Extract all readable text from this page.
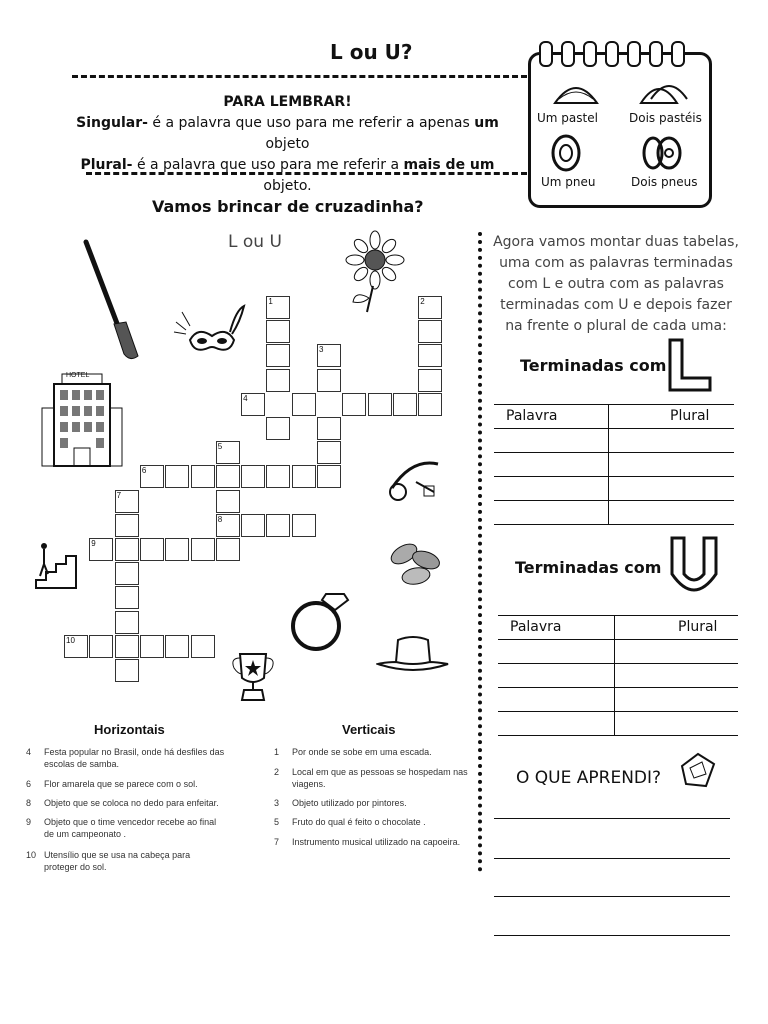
L ou U?
PARA LEMBRAR!
Singular- é a palavra que uso para me referir a apenas um objeto
Plural- é a palavra que uso para me referir a mais de um objeto.
Um pastel	Dois pastéis
Um pneu	Dois pneus
Vamos brincar de cruzadinha?
L ou U
HOTEL
1	2
3
4
5
6
7
8
9
10
Agora vamos montar duas tabelas, uma com as palavras terminadas com L e outra com as palavras terminadas com U e depois fazer na frente o plural de cada uma:
Terminadas com
Palavra	Plural
Terminadas com
Palavra	Plural
O QUE APRENDI?
Horizontais	Verticais
4 Festa popular no Brasil, onde há desfiles das escolas de samba.
6 Flor amarela que se parece com o sol.
8 Objeto que se coloca no dedo para enfeitar.
9 Objeto que o time vencedor recebe ao final de um campeonato .
10 Utensílio que se usa na cabeça para proteger do sol.
1 Por onde se sobe em uma escada.
2 Local em que as pessoas se hospedam nas viagens.
3 Objeto utilizado por pintores.
5 Fruto do qual é feito o chocolate .
7 Instrumento musical utilizado na capoeira.
